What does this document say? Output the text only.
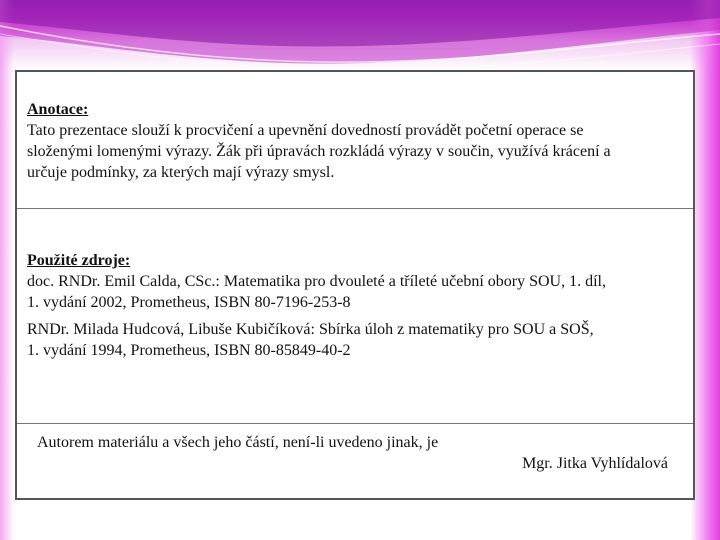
Anotace:
Tato prezentace slouží k procvičení a upevnění dovedností provádět početní operace se
složenými lomenými výrazy. Žák při úpravách rozkládá výrazy v součin, využívá krácení a
určuje podmínky, za kterých mají výrazy smysl.
Použité zdroje:
doc. RNDr. Emil Calda, CSc.: Matematika pro dvouleté a tříleté učební obory SOU, 1. díl,
1. vydání 2002, Prometheus, ISBN 80-7196-253-8
RNDr. Milada Hudcová, Libuše Kubičíková: Sbírka úloh z matematiky pro SOU a SOŠ,
1. vydání 1994, Prometheus, ISBN 80-85849-40-2
Autorem materiálu a všech jeho částí, není-li uvedeno jinak, je
Mgr. Jitka Vyhlídalová
